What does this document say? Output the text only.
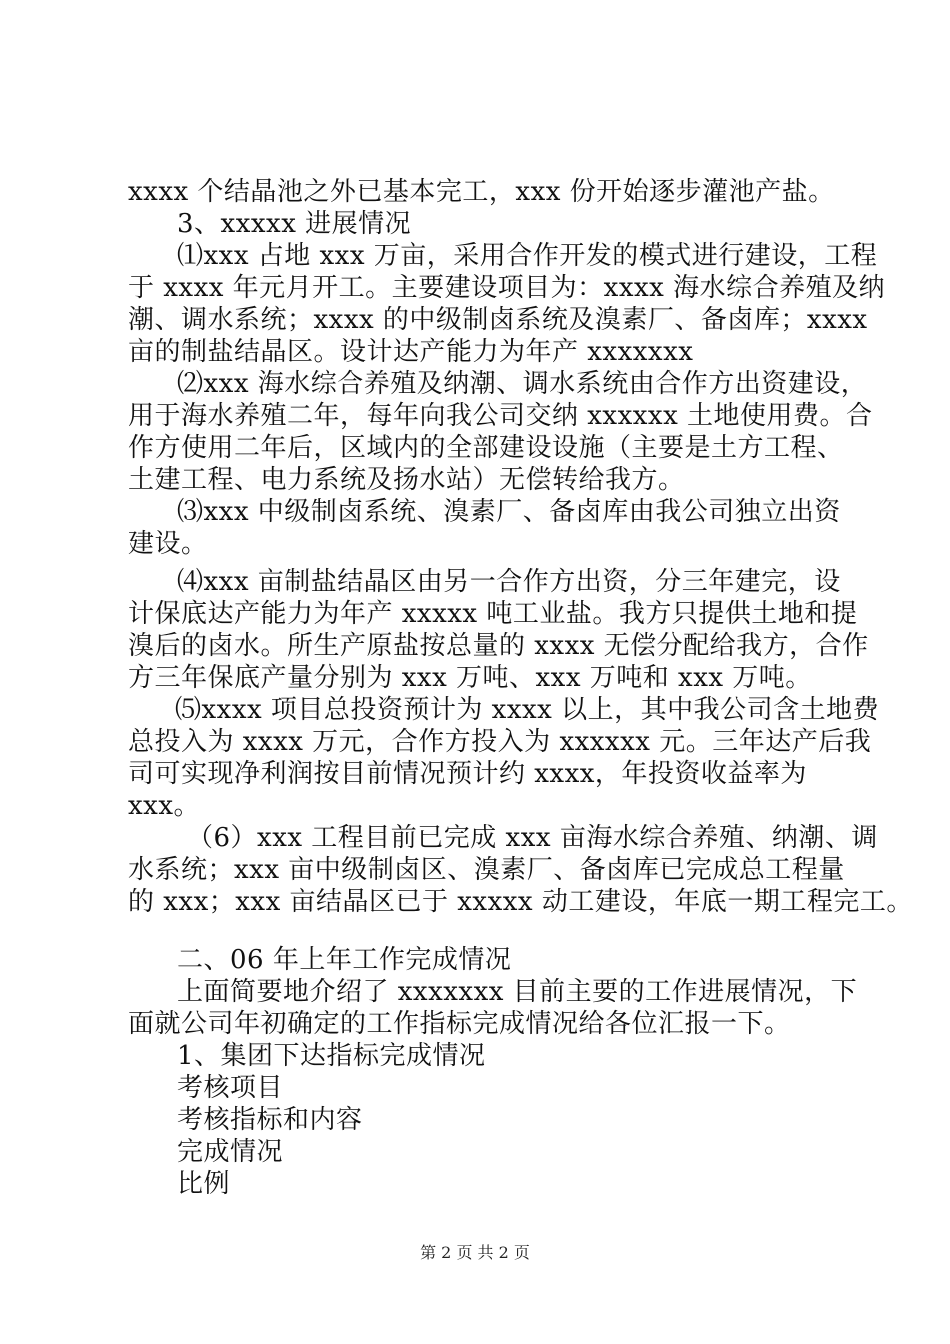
xxxx 个结晶池之外已基本完工，xxx 份开始逐步灌池产盐。
3、xxxxx 进展情况
⑴xxx 占地 xxx 万亩，采用合作开发的模式进行建设，工程
于 xxxx 年元月开工。主要建设项目为：xxxx 海水综合养殖及纳
潮、调水系统；xxxx 的中级制卤系统及溴素厂、备卤库；xxxx
亩的制盐结晶区。设计达产能力为年产 xxxxxxx
⑵xxx 海水综合养殖及纳潮、调水系统由合作方出资建设，
用于海水养殖二年，每年向我公司交纳 xxxxxx 土地使用费。合
作方使用二年后，区域内的全部建设设施（主要是土方工程、
土建工程、电力系统及扬水站）无偿转给我方。
⑶xxx 中级制卤系统、溴素厂、备卤库由我公司独立出资
建设。
⑷xxx 亩制盐结晶区由另一合作方出资，分三年建完，设
计保底达产能力为年产 xxxxx 吨工业盐。我方只提供土地和提
溴后的卤水。所生产原盐按总量的 xxxx 无偿分配给我方，合作
方三年保底产量分别为 xxx 万吨、xxx 万吨和 xxx 万吨。
⑸xxxx 项目总投资预计为 xxxx 以上，其中我公司含土地费
总投入为 xxxx 万元，合作方投入为 xxxxxx 元。三年达产后我
司可实现净利润按目前情况预计约 xxxx，年投资收益率为
xxx。
（6）xxx 工程目前已完成 xxx 亩海水综合养殖、纳潮、调
水系统；xxx 亩中级制卤区、溴素厂、备卤库已完成总工程量
的 xxx；xxx 亩结晶区已于 xxxxx 动工建设，年底一期工程完工。
二、06 年上年工作完成情况
上面简要地介绍了 xxxxxxx 目前主要的工作进展情况，下
面就公司年初确定的工作指标完成情况给各位汇报一下。
1、集团下达指标完成情况
考核项目
考核指标和内容
完成情况
比例
第 2 页 共 2 页
